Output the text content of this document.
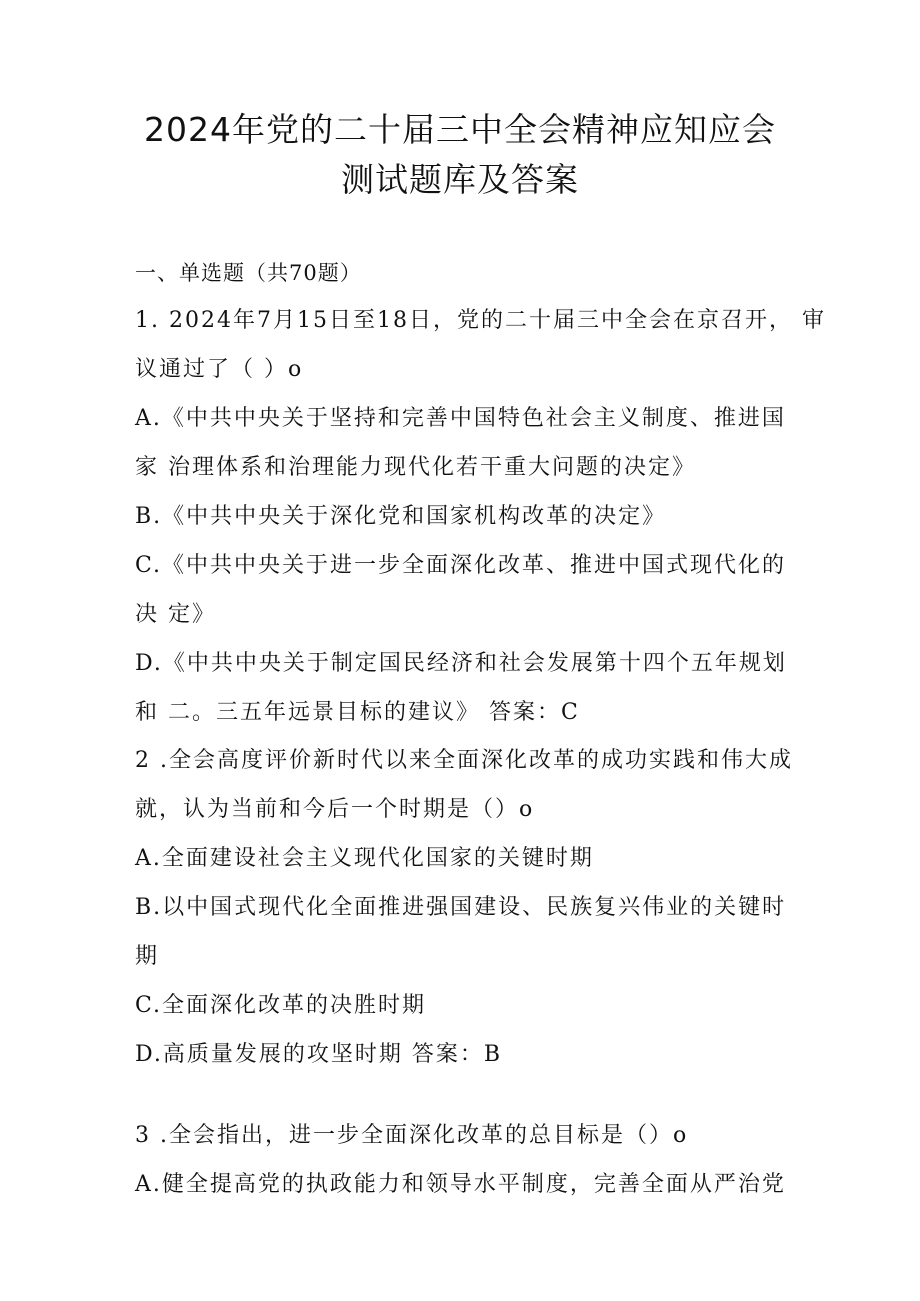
2024年党的二十届三中全会精神应知应会
测试题库及答案
一、单选题（共70题）
1. 2024年7月15日至18日，党的二十届三中全会在京召开， 审
议通过了（ ）o
A.《中共中央关于坚持和完善中国特色社会主义制度、推进国
家 治理体系和治理能力现代化若干重大问题的决定》
B.《中共中央关于深化党和国家机构改革的决定》
C.《中共中央关于进一步全面深化改革、推进中国式现代化的
决 定》
D.《中共中央关于制定国民经济和社会发展第十四个五年规划
和 二。三五年远景目标的建议》 答案：C
2 .全会高度评价新时代以来全面深化改革的成功实践和伟大成
就，认为当前和今后一个时期是（）o
A.全面建设社会主义现代化国家的关键时期
B.以中国式现代化全面推进强国建设、民族复兴伟业的关键时
期
C.全面深化改革的决胜时期
D.高质量发展的攻坚时期 答案：B
3 .全会指出，进一步全面深化改革的总目标是（）o
A.健全提高党的执政能力和领导水平制度，完善全面从严治党
